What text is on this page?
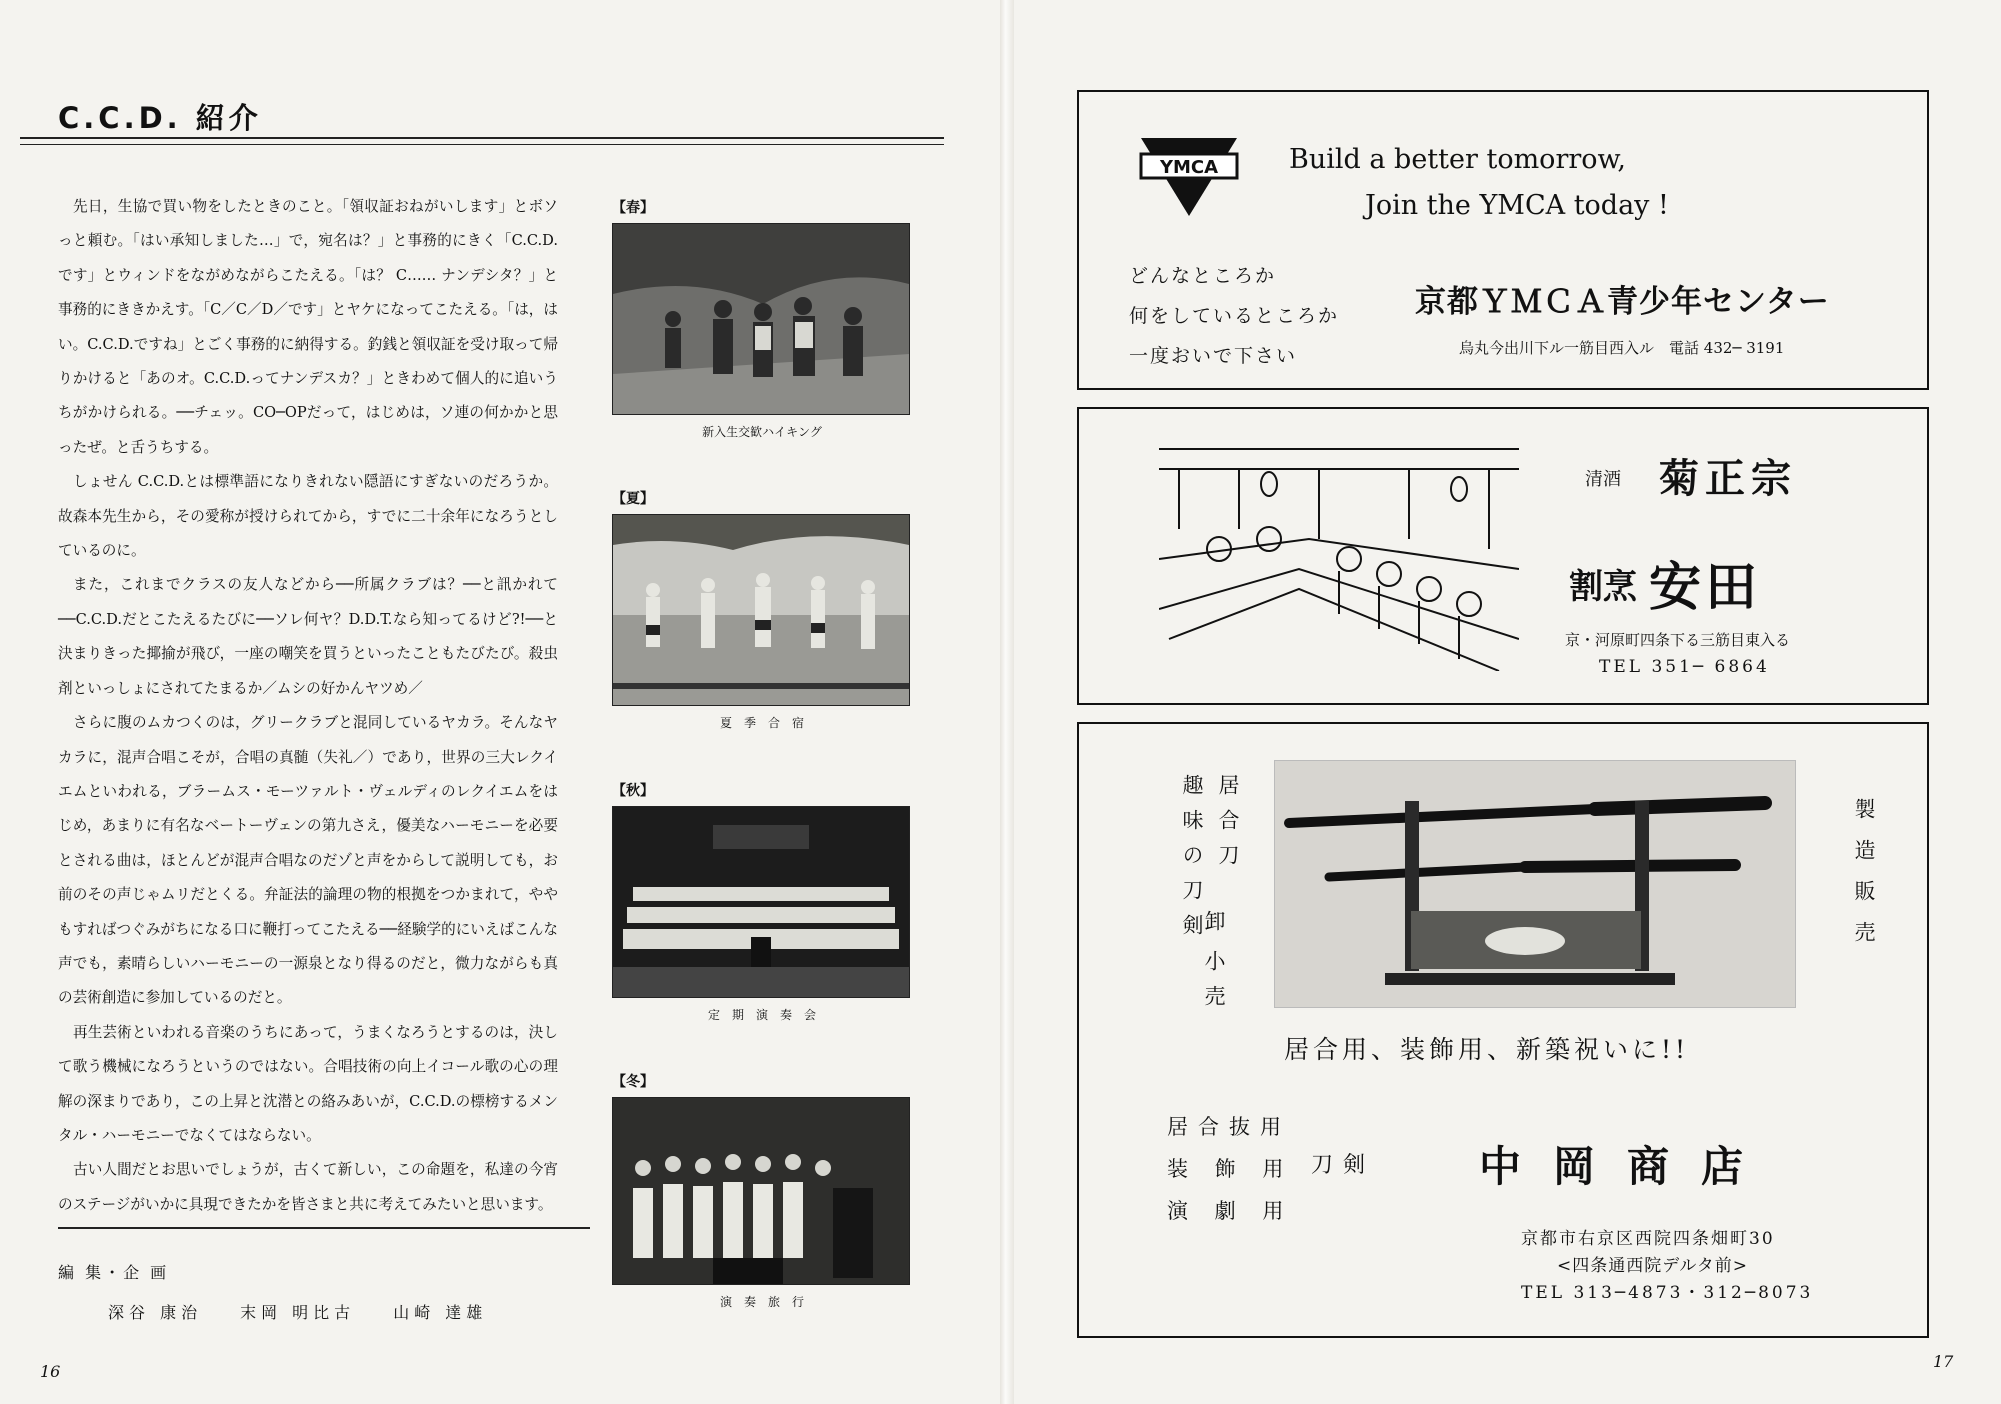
C.C.D. 紹介

先日，生協で買い物をしたときのこと。「領収証おねがいします」とボソっと頼む。「はい承知しました…」で，宛名は？」と事務的にきく「C.C.D.です」とウィンドをながめながらこたえる。「は？ C…… ナンデシタ？」と事務的にききかえす。「C／C／D／です」とヤケになってこたえる。「は，はい。C.C.D.ですね」とごく事務的に納得する。釣銭と領収証を受け取って帰りかけると「あのオ。C.C.D.ってナンデスカ？」ときわめて個人的に追いうちがかけられる。──チェッ。CO─OPだって，はじめは，ソ連の何かかと思ったぜ。と舌うちする。

しょせん C.C.D.とは標準語になりきれない隠語にすぎないのだろうか。故森本先生から，その愛称が授けられてから，すでに二十余年になろうとしているのに。

また，これまでクラスの友人などから──所属クラブは？──と訊かれて──C.C.D.だとこたえるたびに──ソレ何ヤ？D.D.T.なら知ってるけど?!──と決まりきった揶揄が飛び，一座の嘲笑を買うといったこともたびたび。殺虫剤といっしょにされてたまるか／ムシの好かんヤツめ／

さらに腹のムカつくのは，グリークラブと混同しているヤカラ。そんなヤカラに，混声合唱こそが，合唱の真髄（失礼／）であり，世界の三大レクイエムといわれる，ブラームス・モーツァルト・ヴェルディのレクイエムをはじめ，あまりに有名なベートーヴェンの第九さえ，優美なハーモニーを必要とされる曲は，ほとんどが混声合唱なのだゾと声をからして説明しても，お前のその声じゃムリだとくる。弁証法的論理の物的根拠をつかまれて，ややもすればつぐみがちになる口に鞭打ってこたえる──経験学的にいえばこんな声でも，素晴らしいハーモニーの一源泉となり得るのだと，微力ながらも真の芸術創造に参加しているのだと。

再生芸術といわれる音楽のうちにあって，うまくなろうとするのは，決して歌う機械になろうというのではない。合唱技術の向上イコール歌の心の理解の深まりであり，この上昇と沈潜との絡みあいが，C.C.D.の標榜するメンタル・ハーモニーでなくてはならない。

古い人間だとお思いでしょうが，古くて新しい，この命題を，私達の今宵のステージがいかに具現できたかを皆さまと共に考えてみたいと思います。

編 集・企 画
深谷 康治 末岡 明比古 山崎 達雄
【春】
新入生交歓ハイキング
【夏】
夏　季　合　宿
【秋】
定　期　演　奏　会
【冬】
演　奏　旅　行
16
YMCA	Build a better tomorrow,
Join the YMCA today !
どんなところか
何をしているところか
一度おいで下さい
京都ＹＭＣＡ青少年センター
烏丸今出川下ル一筋目西入ル　電話 432─ 3191
清酒 菊正宗
割烹 安田
京・河原町四条下る三筋目東入る
TEL 351─ 6864
趣味の刀剣 居合刀
卸
小売
製造販売
居合用、装飾用、新築祝いに!!
居合抜用
装 飾 用
演 劇 用
刀剣 中岡商店
京都市右京区西院四条畑町30
<四条通西院デルタ前>
TEL 313─4873・312─8073
17
